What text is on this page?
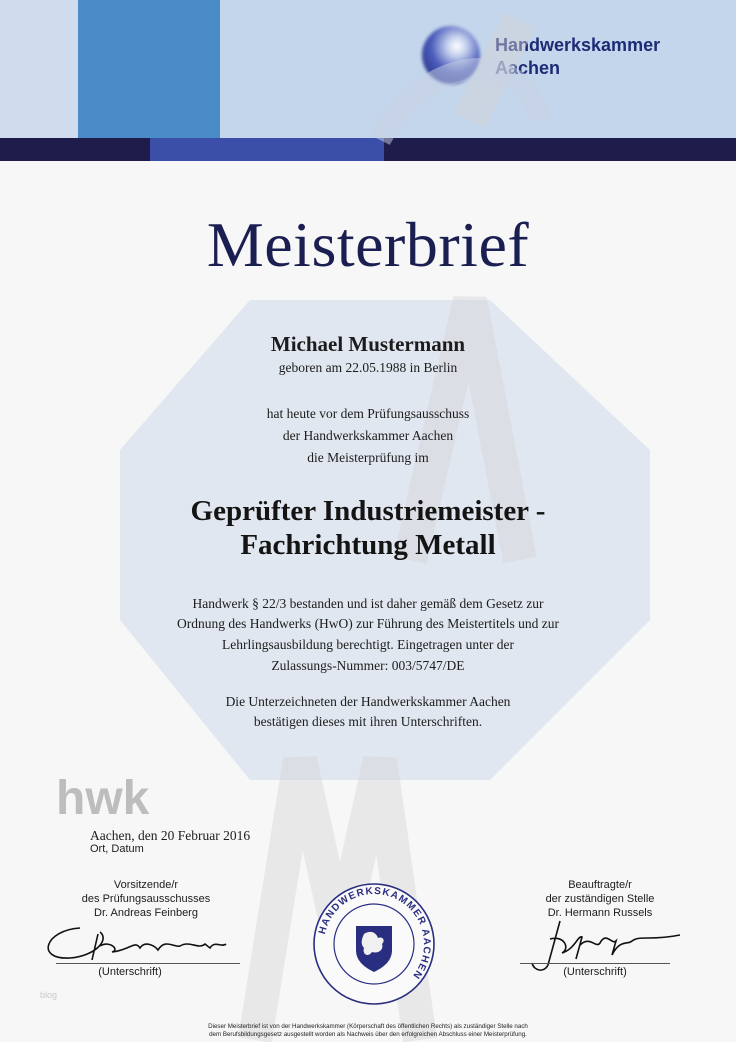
Handwerkskammer
Aachen
Meisterbrief
Michael Mustermann
geboren am 22.05.1988 in Berlin
hat heute vor dem Prüfungsausschuss
der Handwerkskammer Aachen
die Meisterprüfung im
Geprüfter Industriemeister -
Fachrichtung Metall
Handwerk § 22/3 bestanden und ist daher gemäß dem Gesetz zur
Ordnung des Handwerks (HwO) zur Führung des Meistertitels und zur
Lehrlingsausbildung berechtigt. Eingetragen unter der
Zulassungs-Nummer: 003/5747/DE
Die Unterzeichneten der Handwerkskammer Aachen
bestätigen dieses mit ihren Unterschriften.
hwk
Aachen, den 20 Februar 2016
Ort, Datum
Vorsitzende/r
des Prüfungsausschusses
Dr. Andreas Feinberg
(Unterschrift)
Beauftragte/r
der zuständigen Stelle
Dr. Hermann Russels
(Unterschrift)
HANDWERKSKAMMER AACHEN
Dieser Meisterbrief ist von der Handwerkskammer (Körperschaft des öffentlichen Rechts) als zuständiger Stelle nach
dem Berufsbildungsgesetz ausgestellt worden als Nachweis über den erfolgreichen Abschluss einer Meisterprüfung.
blog
